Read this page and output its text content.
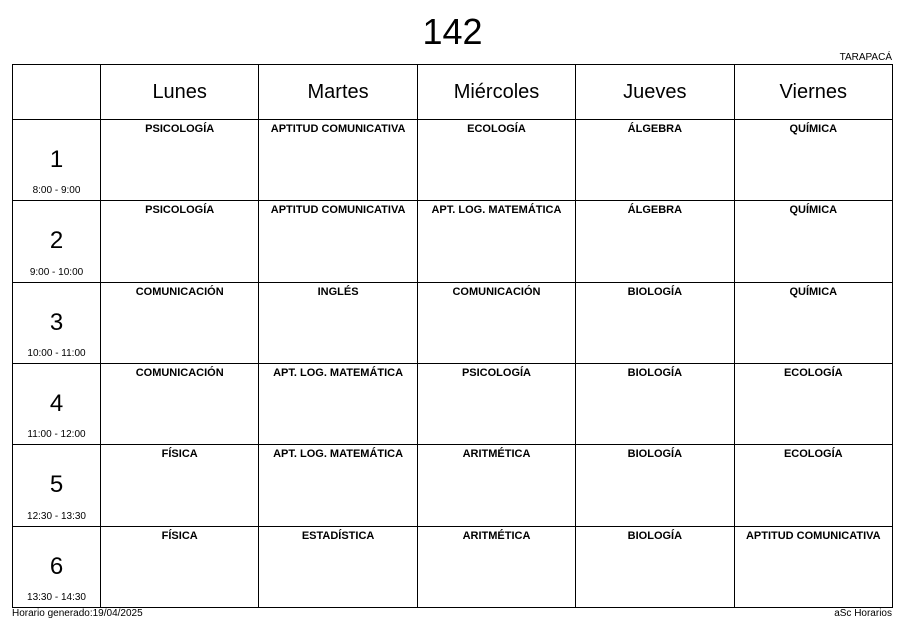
142
TARAPACÁ
	Lunes	Martes	Miércoles	Jueves	Viernes

1
8:00 - 9:00	PSICOLOGÍA	APTITUD COMUNICATIVA	ECOLOGÍA	ÁLGEBRA	QUÍMICA

2
9:00 - 10:00	PSICOLOGÍA	APTITUD COMUNICATIVA	APT. LOG. MATEMÁTICA	ÁLGEBRA	QUÍMICA

3
10:00 - 11:00	COMUNICACIÓN	INGLÉS	COMUNICACIÓN	BIOLOGÍA	QUÍMICA

4
11:00 - 12:00	COMUNICACIÓN	APT. LOG. MATEMÁTICA	PSICOLOGÍA	BIOLOGÍA	ECOLOGÍA

5
12:30 - 13:30	FÍSICA	APT. LOG. MATEMÁTICA	ARITMÉTICA	BIOLOGÍA	ECOLOGÍA

6
13:30 - 14:30	FÍSICA	ESTADÍSTICA	ARITMÉTICA	BIOLOGÍA	APTITUD COMUNICATIVA
Horario generado:19/04/2025	aSc Horarios
